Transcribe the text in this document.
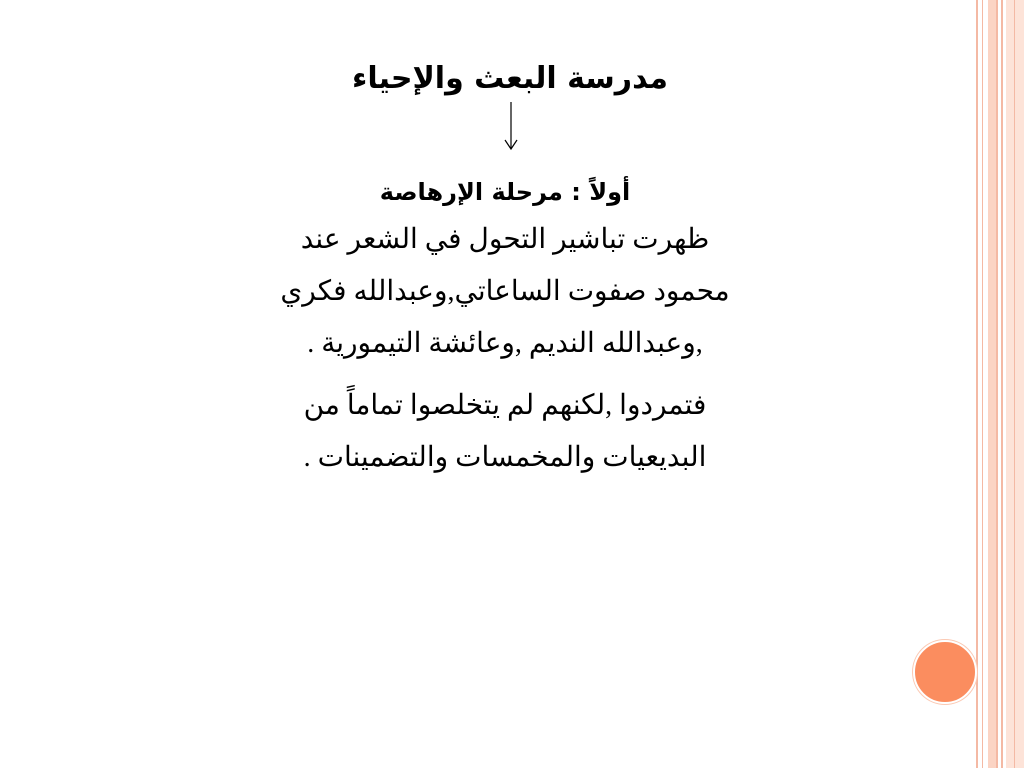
مدرسة البعث والإحياء

أولاً : مرحلة الإرهاصة

ظهرت تباشير التحول في الشعر عند
محمود صفوت الساعاتي,وعبدالله فكري
,وعبدالله النديم ,وعائشة التيمورية .

فتمردوا ,لكنهم لم يتخلصوا تماماً من
البديعيات والمخمسات والتضمينات .
